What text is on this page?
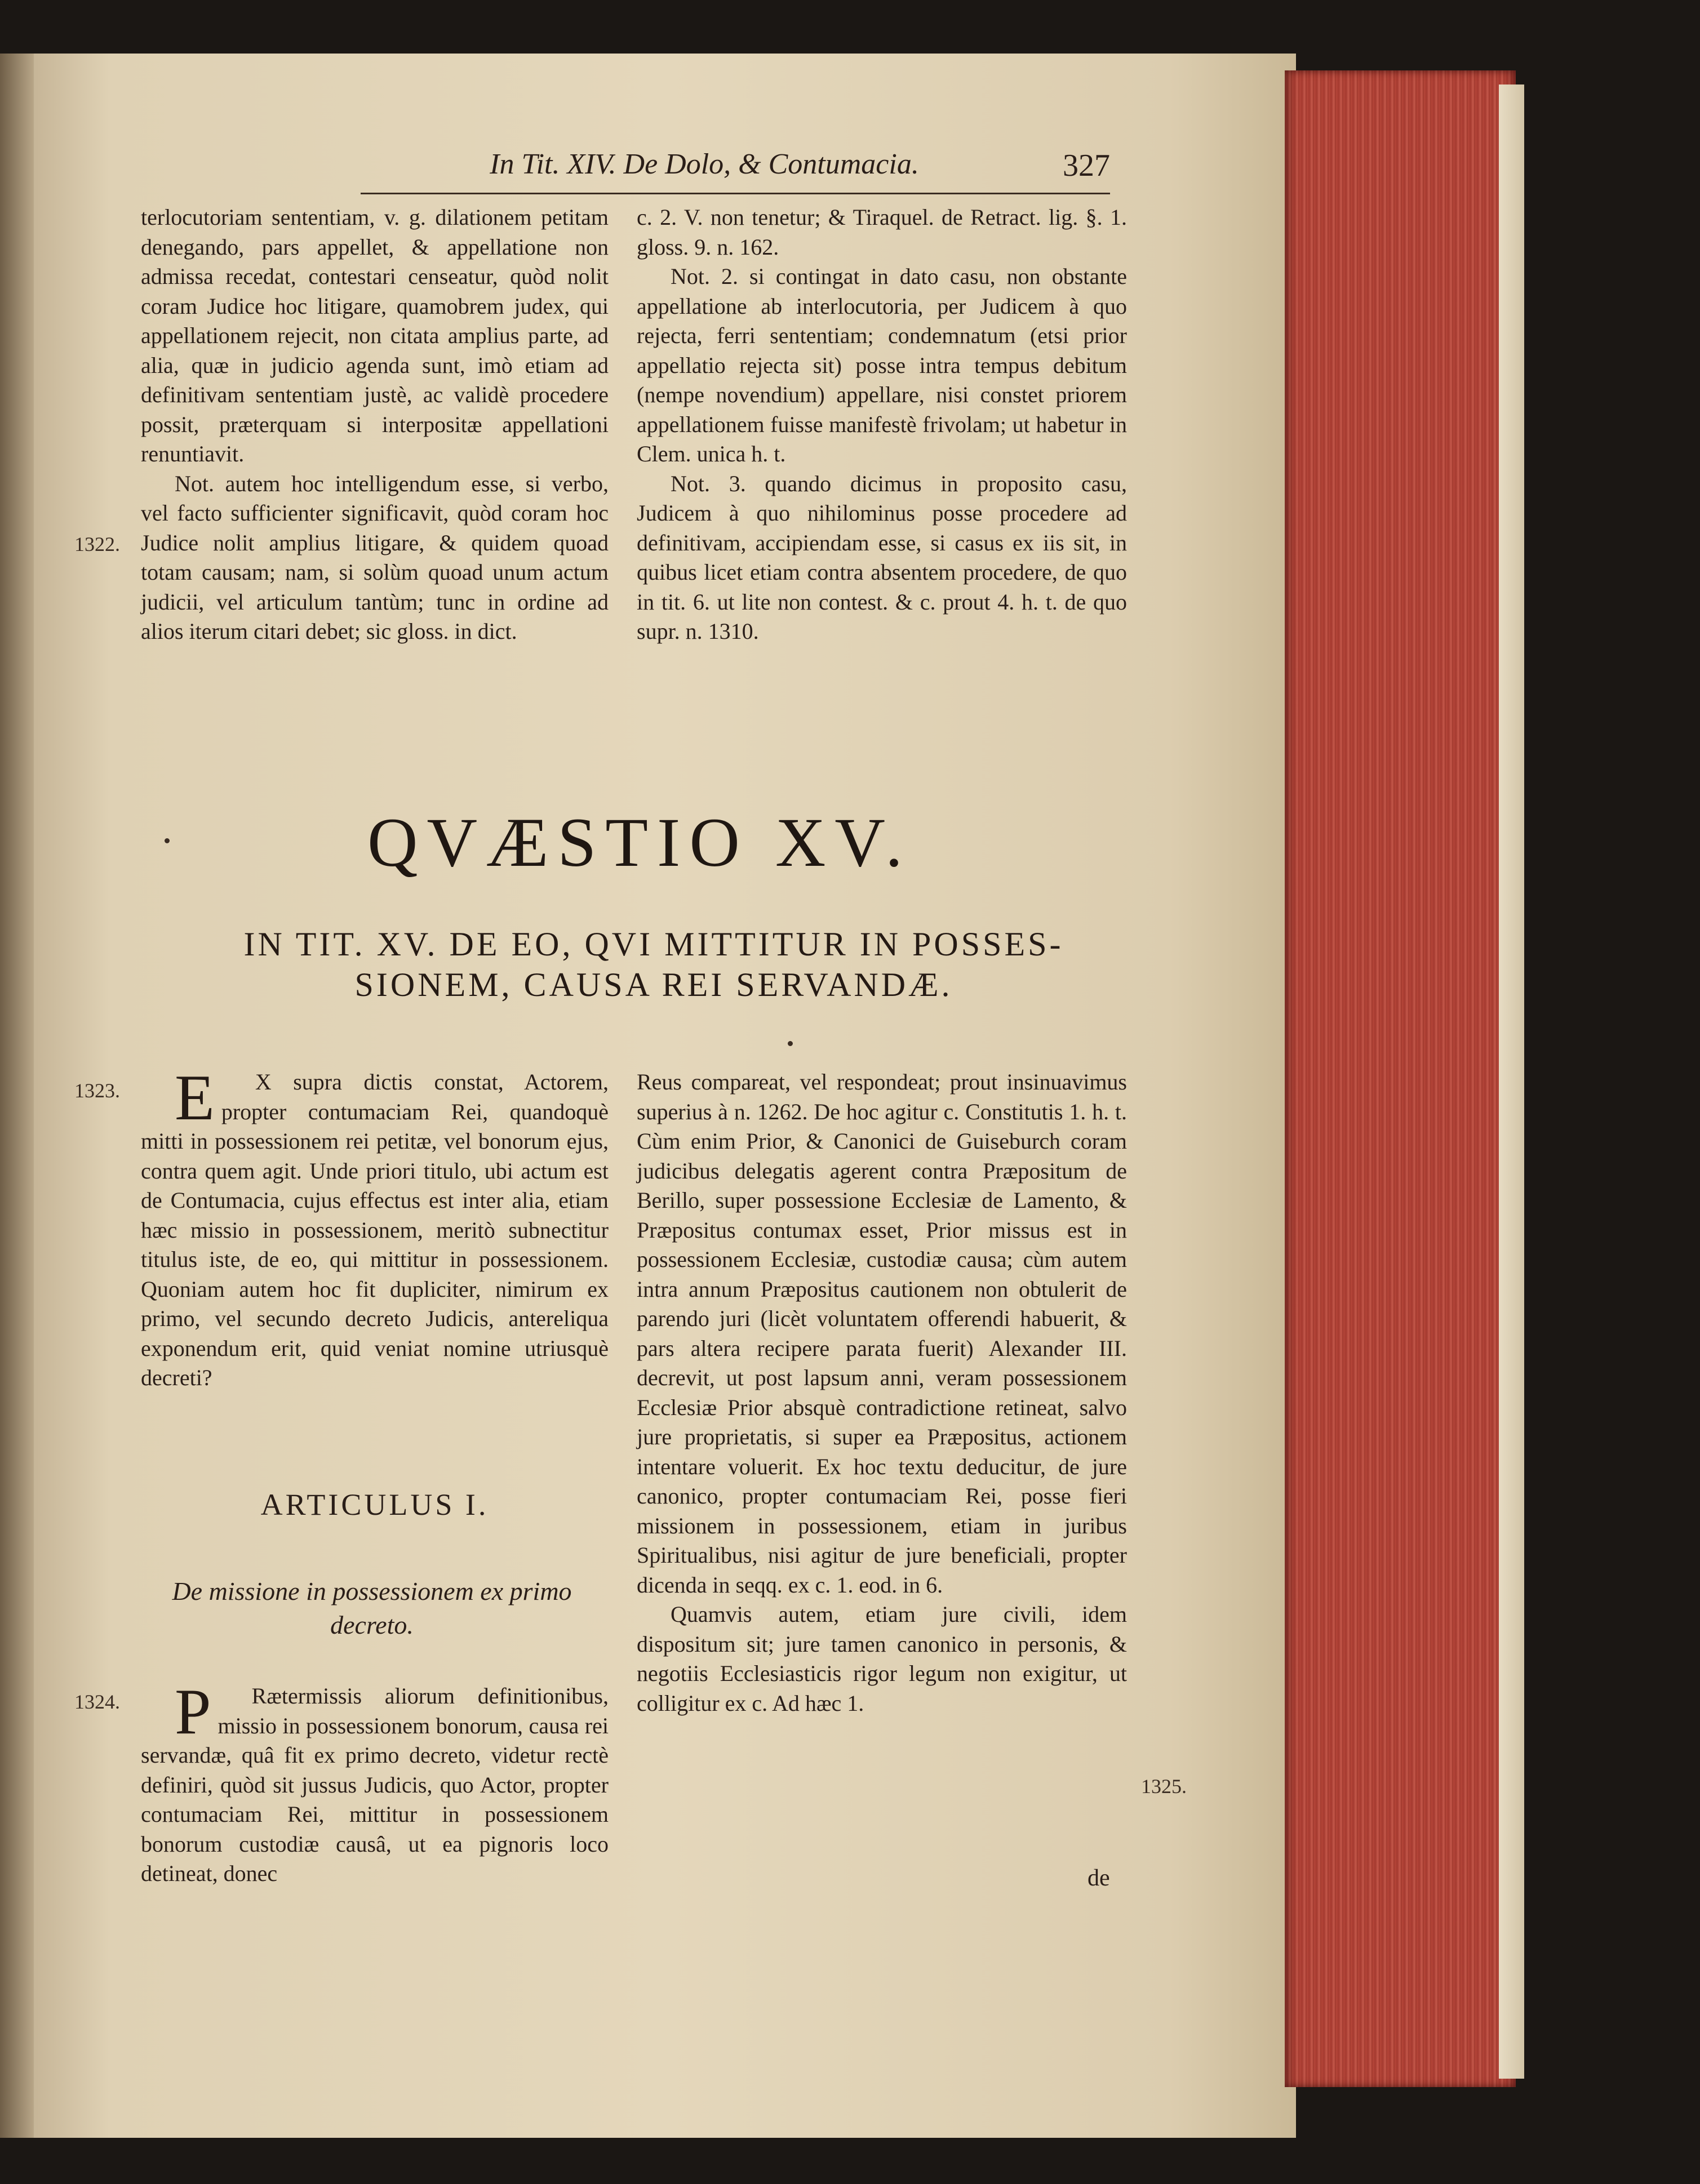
In Tit. XIV. De Dolo, & Contumacia.	327

terlocutoriam sententiam, v. g. dilationem petitam denegando, pars appellet, & appellatione non admissa recedat, contestari censeatur, quòd nolit coram Judice hoc litigare, quamobrem judex, qui appellationem rejecit, non citata amplius parte, ad alia, quæ in judicio agenda sunt, imò etiam ad definitivam sententiam justè, ac validè procedere possit, præterquam si interpositæ appellationi renuntiavit.

Not. autem hoc intelligendum esse, si verbo, vel facto sufficienter significavit, quòd coram hoc Judice nolit amplius litigare, & quidem quoad totam causam; nam, si solùm quoad unum actum judicii, vel articulum tantùm; tunc in ordine ad alios iterum citari debet; sic gloss. in dict.

1322.

c. 2. V. non tenetur; & Tiraquel. de Retract. lig. §. 1. gloss. 9. n. 162.

Not. 2. si contingat in dato casu, non obstante appellatione ab interlocutoria, per Judicem à quo rejecta, ferri sententiam; condemnatum (etsi prior appellatio rejecta sit) posse intra tempus debitum (nempe novendium) appellare, nisi constet priorem appellationem fuisse manifestè frivolam; ut habetur in Clem. unica h. t.

Not. 3. quando dicimus in proposito casu, Judicem à quo nihilominus posse procedere ad definitivam, accipiendam esse, si casus ex iis sit, in quibus licet etiam contra absentem procedere, de quo in tit. 6. ut lite non contest. & c. prout 4. h. t. de quo supr. n. 1310.

QVÆSTIO XV.
IN TIT. XV. DE EO, QVI MITTITUR IN POSSES-
SIONEM, CAUSA REI SERVANDÆ.
1323. E X supra dictis constat, Actorem, propter contumaciam Rei, quandoquè mitti in possessionem rei petitæ, vel bonorum ejus, contra quem agit. Unde priori titulo, ubi actum est de Contumacia, cujus effectus est inter alia, etiam hæc missio in possessionem, meritò subnectitur titulus iste, de eo, qui mittitur in possessionem. Quoniam autem hoc fit dupliciter, nimirum ex primo, vel secundo decreto Judicis, antereliqua exponendum erit, quid veniat nomine utriusquè decreti?

ARTICULUS I.
De missione in possessionem ex primo decreto.
1324. P Rætermissis aliorum definitionibus, missio in possessionem bonorum, causa rei servandæ, quâ fit ex primo decreto, videtur rectè definiri, quòd sit jussus Judicis, quo Actor, propter contumaciam Rei, mittitur in possessionem bonorum custodiæ causâ, ut ea pignoris loco detineat, donec

Reus compareat, vel respondeat; prout insinuavimus superius à n. 1262. De hoc agitur c. Constitutis 1. h. t. Cùm enim Prior, & Canonici de Guiseburch coram judicibus delegatis agerent contra Præpositum de Berillo, super possessione Ecclesiæ de Lamento, & Præpositus contumax esset, Prior missus est in possessionem Ecclesiæ, custodiæ causa; cùm autem intra annum Præpositus cautionem non obtulerit de parendo juri (licèt voluntatem offerendi habuerit, & pars altera recipere parata fuerit) Alexander III. decrevit, ut post lapsum anni, veram possessionem Ecclesiæ Prior absquè contradictione retineat, salvo jure proprietatis, si super ea Præpositus, actionem intentare voluerit. Ex hoc textu deducitur, de jure canonico, propter contumaciam Rei, posse fieri missionem in possessionem, etiam in juribus Spiritualibus, nisi agitur de jure beneficiali, propter dicenda in seqq. ex c. 1. eod. in 6.

Quamvis autem, etiam jure civili, idem dispositum sit; jure tamen canonico in personis, & negotiis Ecclesiasticis rigor legum non exigitur, ut colligitur ex c. Ad hæc 1.

1325.
de
